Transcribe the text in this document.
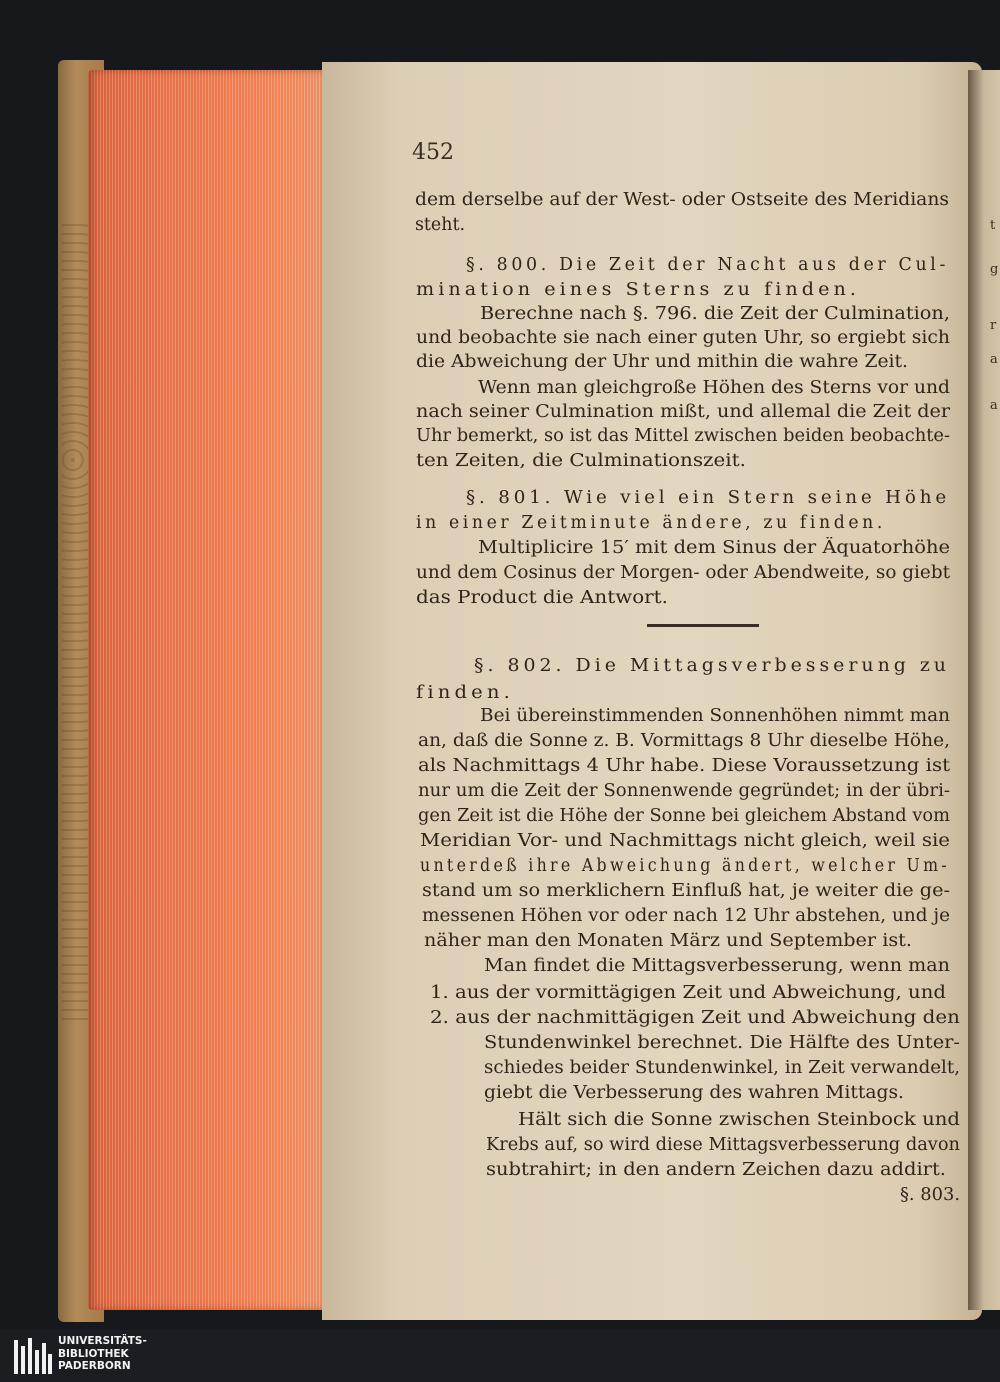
t
g
r
a
a
452
dem derselbe auf der West- oder Ostseite des Meridians
steht.
§. 800. Die Zeit der Nacht aus der Cul-
mination eines Sterns zu finden.
Berechne nach §. 796. die Zeit der Culmination,
und beobachte sie nach einer guten Uhr, so ergiebt sich
die Abweichung der Uhr und mithin die wahre Zeit.
Wenn man gleichgroße Höhen des Sterns vor und
nach seiner Culmination mißt, und allemal die Zeit der
Uhr bemerkt, so ist das Mittel zwischen beiden beobachte-
ten Zeiten, die Culminationszeit.
§. 801. Wie viel ein Stern seine Höhe
in einer Zeitminute ändere, zu finden.
Multiplicire 15′ mit dem Sinus der Äquatorhöhe
und dem Cosinus der Morgen- oder Abendweite, so giebt
das Product die Antwort.
§. 802. Die Mittagsverbesserung zu
finden.
Bei übereinstimmenden Sonnenhöhen nimmt man
an, daß die Sonne z. B. Vormittags 8 Uhr dieselbe Höhe,
als Nachmittags 4 Uhr habe. Diese Voraussetzung ist
nur um die Zeit der Sonnenwende gegründet; in der übri-
gen Zeit ist die Höhe der Sonne bei gleichem Abstand vom
Meridian Vor- und Nachmittags nicht gleich, weil sie
unterdeß ihre Abweichung ändert, welcher Um-
stand um so merklichern Einfluß hat, je weiter die ge-
messenen Höhen vor oder nach 12 Uhr abstehen, und je
näher man den Monaten März und September ist.
Man findet die Mittagsverbesserung, wenn man
1. aus der vormittägigen Zeit und Abweichung, und
2. aus der nachmittägigen Zeit und Abweichung den
Stundenwinkel berechnet. Die Hälfte des Unter-
schiedes beider Stundenwinkel, in Zeit verwandelt,
giebt die Verbesserung des wahren Mittags.
Hält sich die Sonne zwischen Steinbock und
Krebs auf, so wird diese Mittagsverbesserung davon
subtrahirt; in den andern Zeichen dazu addirt.
§. 803.
UNIVERSITÄTS-
BIBLIOTHEK
PADERBORN
